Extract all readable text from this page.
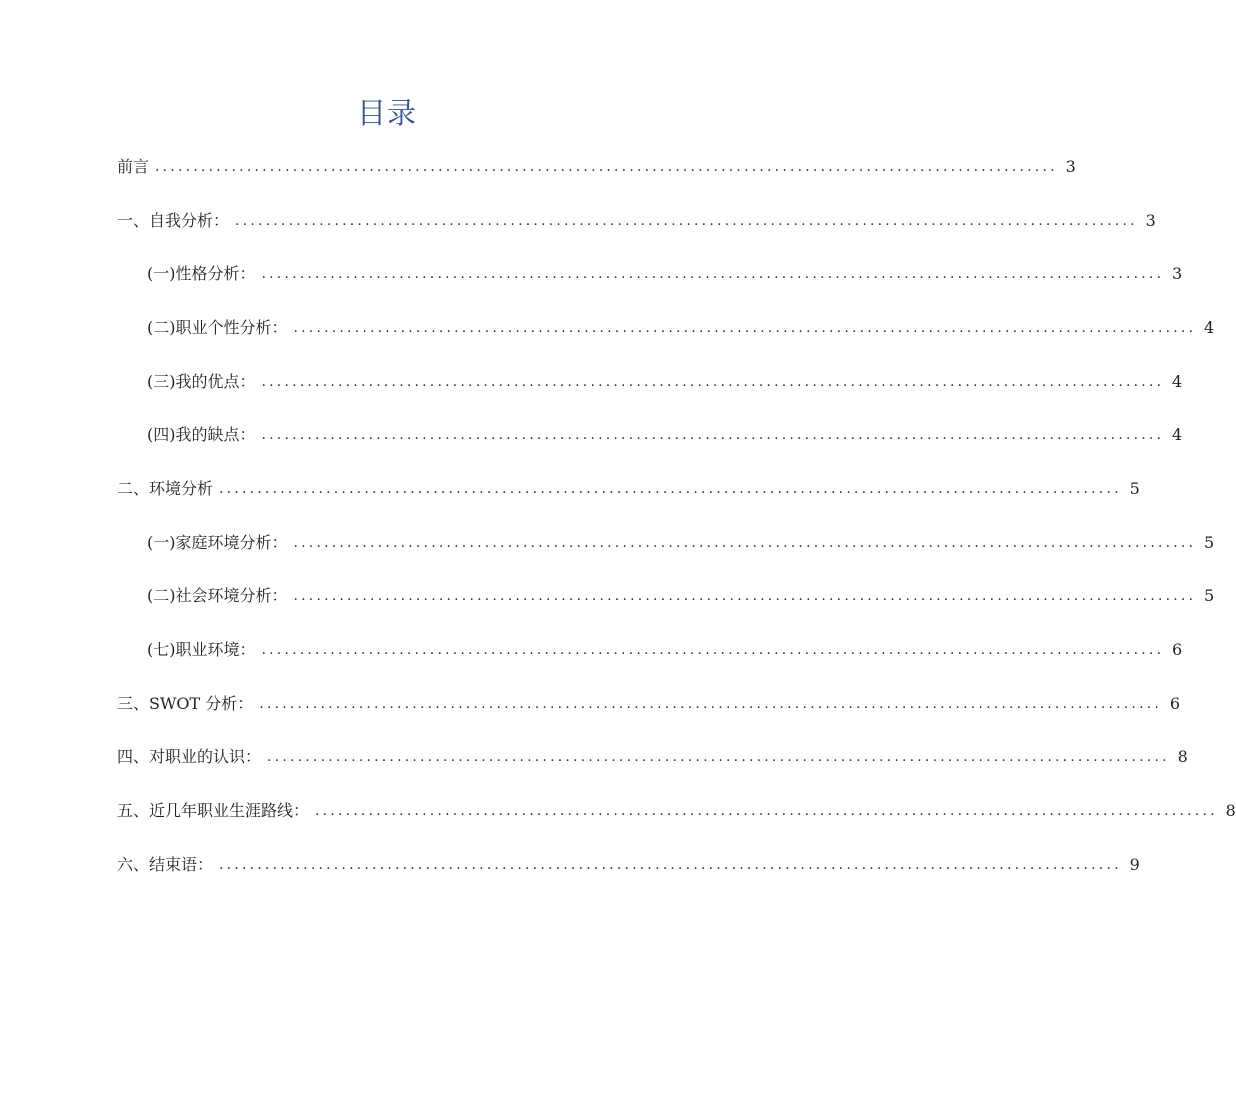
目录
前言 ...................................................................................................................... 3
一、自我分析： ...................................................................................................................... 3
(一)性格分析： ...................................................................................................................... 3
(二)职业个性分析： ...................................................................................................................... 4
(三)我的优点： ...................................................................................................................... 4
(四)我的缺点： ...................................................................................................................... 4
二、环境分析 ...................................................................................................................... 5
(一)家庭环境分析： ...................................................................................................................... 5
(二)社会环境分析： ...................................................................................................................... 5
(七)职业环境： ...................................................................................................................... 6
三、SWOT 分析： ...................................................................................................................... 6
四、对职业的认识： ...................................................................................................................... 8
五、近几年职业生涯路线： ...................................................................................................................... 8
六、结束语： ...................................................................................................................... 9
